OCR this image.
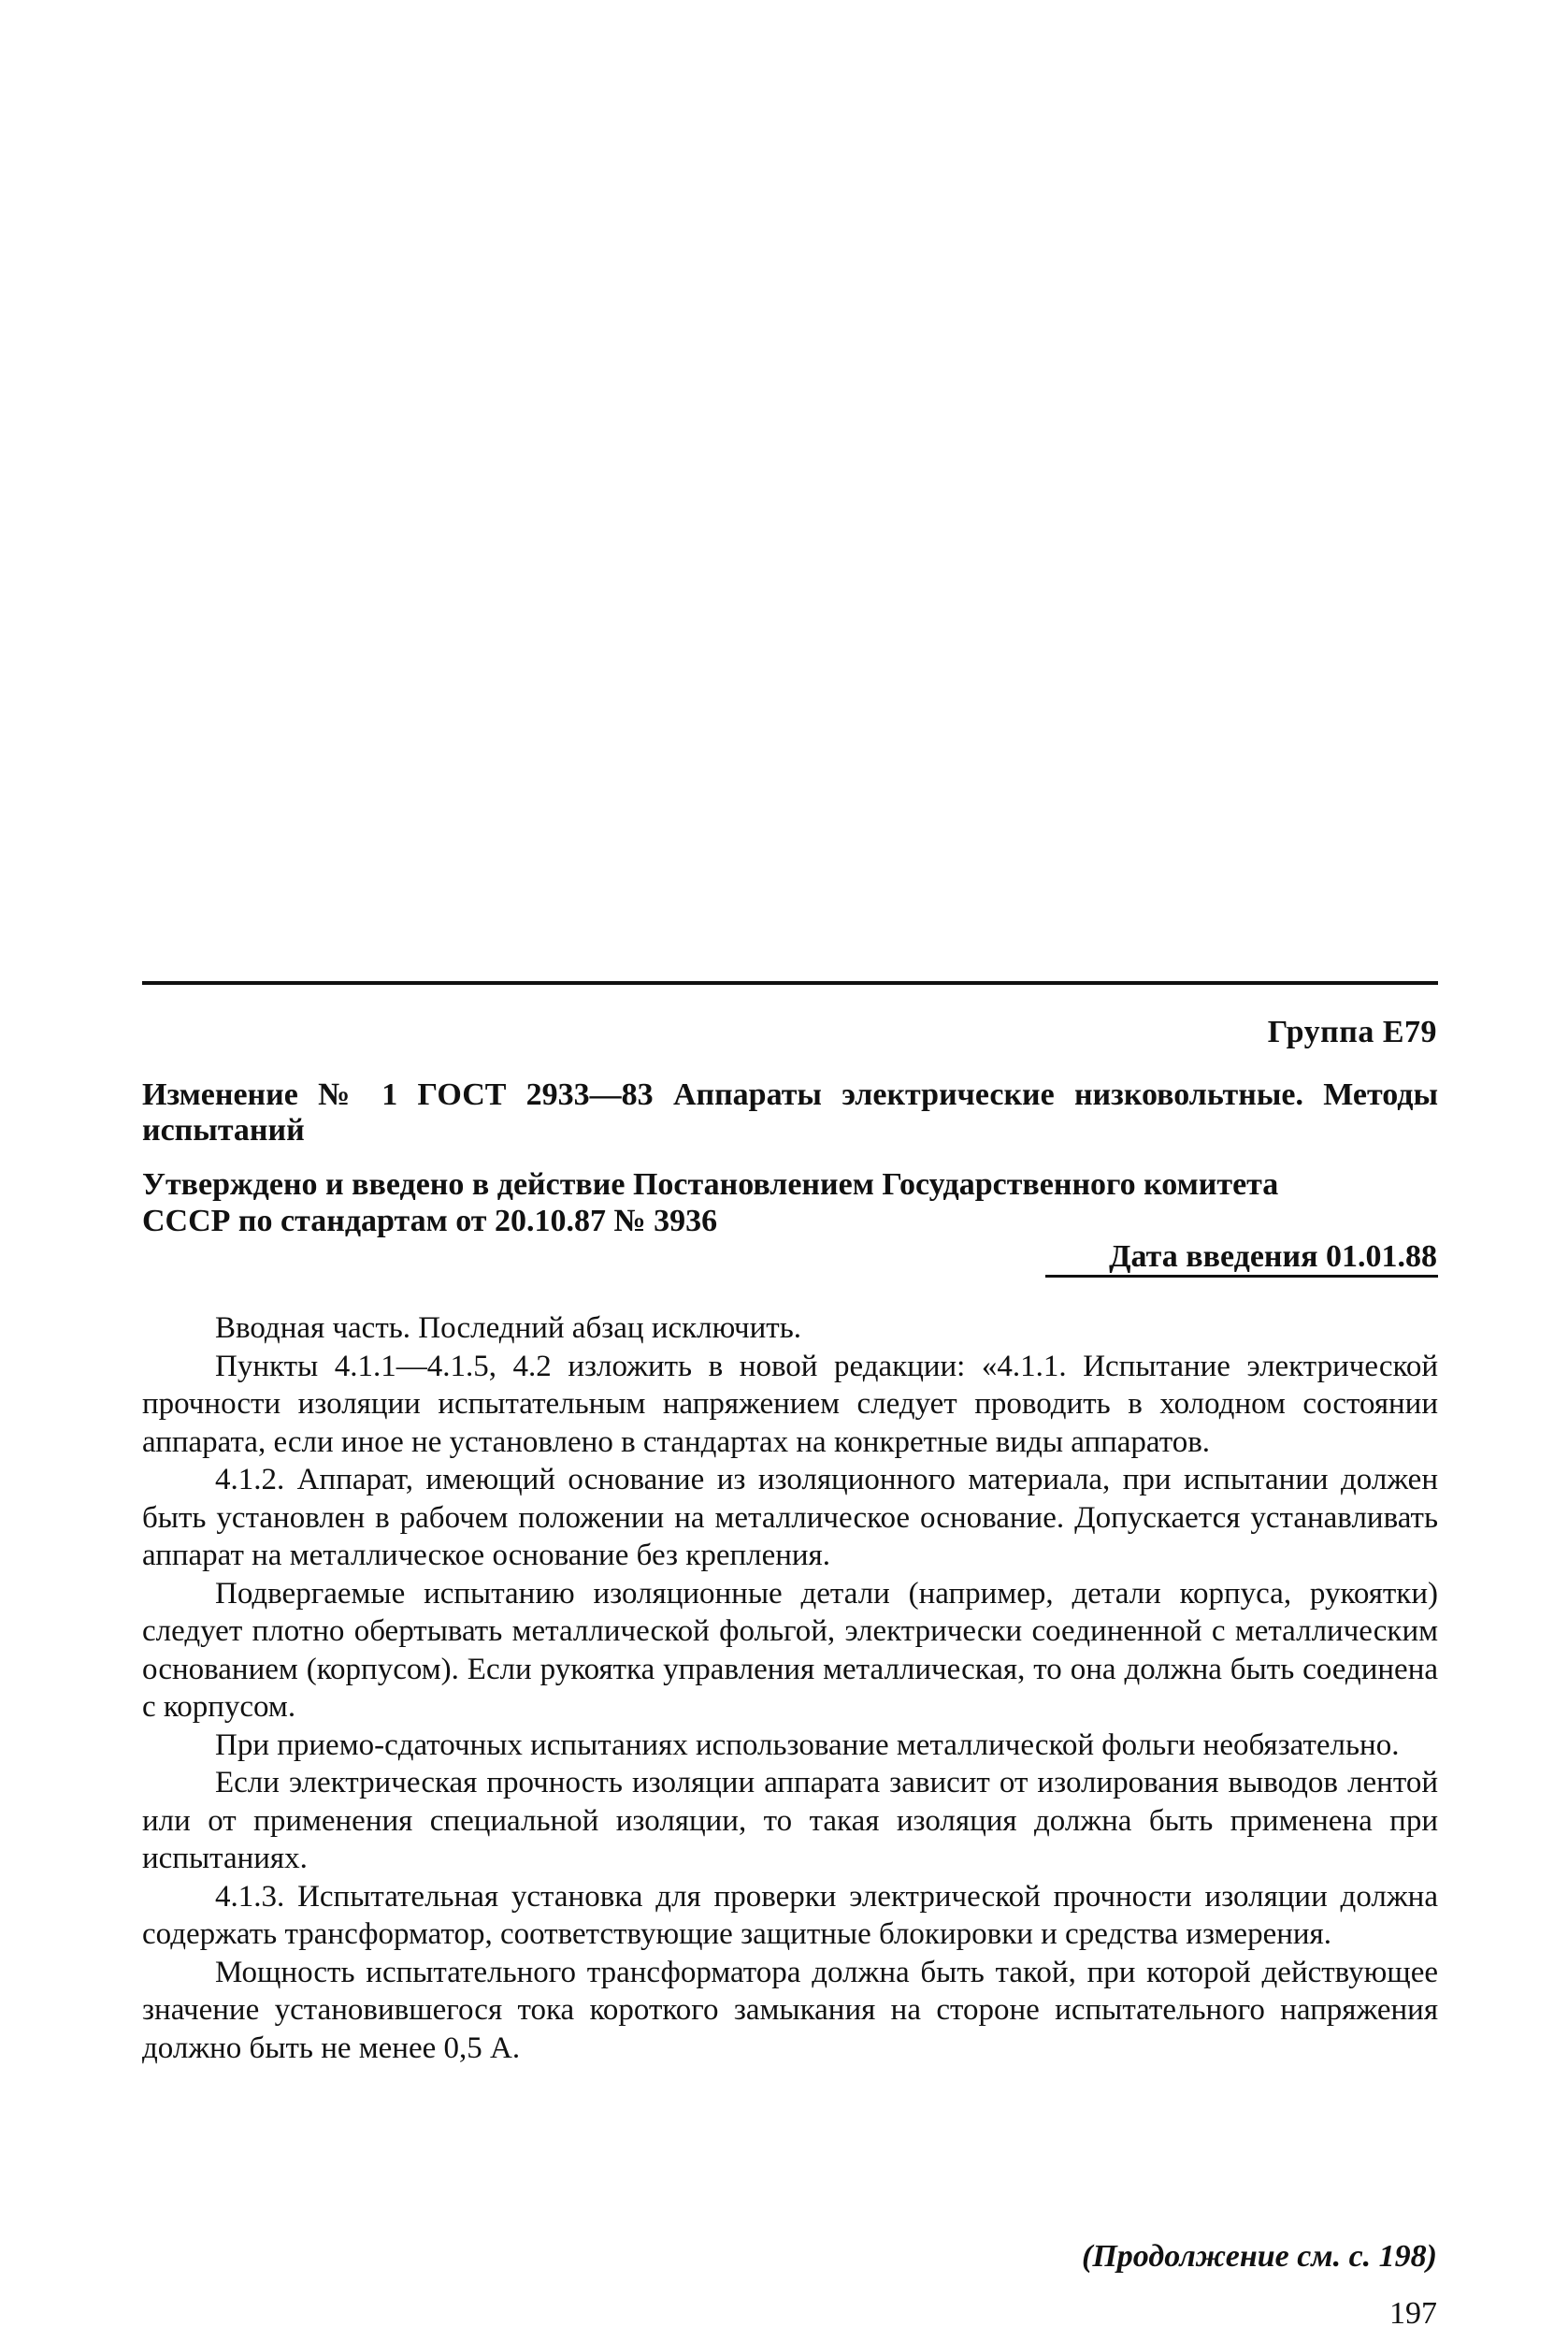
Группа Е79
Изменение № 1 ГОСТ 2933—83 Аппараты электрические низковольтные. Методы испытаний
Утверждено и введено в действие Постановлением Государственного комитета
СССР по стандартам от 20.10.87 № 3936
Дата введения 01.01.88

Вводная часть. Последний абзац исключить.

Пункты 4.1.1—4.1.5, 4.2 изложить в новой редакции: «4.1.1. Испытание электрической прочности изоляции испытательным напряжением следует проводить в холодном состоянии аппарата, если иное не установлено в стандартах на конкретные виды аппаратов.

4.1.2. Аппарат, имеющий основание из изоляционного материала, при испытании должен быть установлен в рабочем положении на металлическое основание. Допускается устанавливать аппарат на металлическое основание без крепления.

Подвергаемые испытанию изоляционные детали (например, детали корпуса, рукоятки) следует плотно обертывать металлической фольгой, электрически соединенной с металлическим основанием (корпусом). Если рукоятка управления металлическая, то она должна быть соединена с корпусом.

При приемо-сдаточных испытаниях использование металлической фольги необязательно.

Если электрическая прочность изоляции аппарата зависит от изолирования выводов лентой или от применения специальной изоляции, то такая изоляция должна быть применена при испытаниях.

4.1.3. Испытательная установка для проверки электрической прочности изоляции должна содержать трансформатор, соответствующие защитные блокировки и средства измерения.

Мощность испытательного трансформатора должна быть такой, при которой действующее значение установившегося тока короткого замыкания на стороне испытательного напряжения должно быть не менее 0,5 А.

(Продолжение см. с. 198)
197
